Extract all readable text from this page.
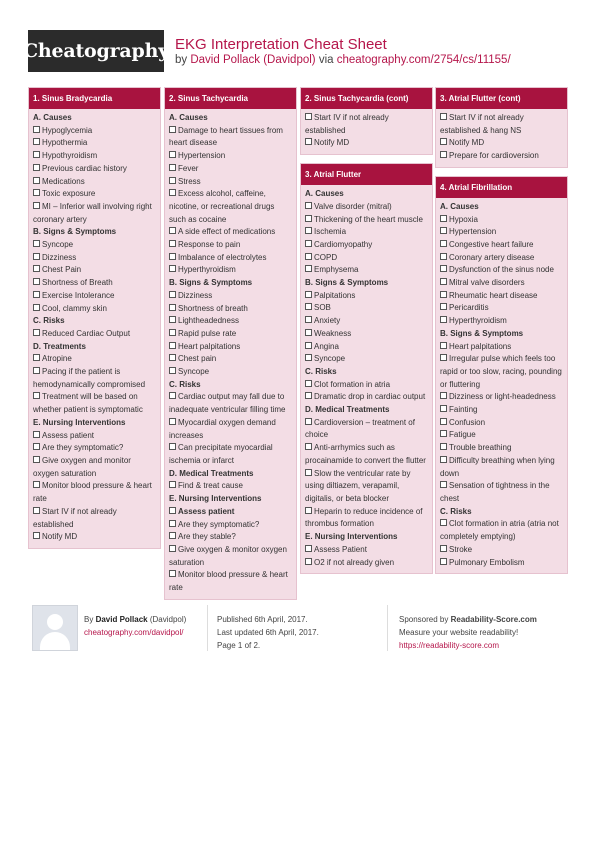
Cheatography EKG Interpretation Cheat Sheet
by David Pollack (Davidpol) via cheatography.com/2754/cs/11155/
1. Sinus Bradycardia
A. Causes
Hypoglycemia
Hypothermia
Hypothyroidism
Previous cardiac history
Medications
Toxic exposure
MI – Inferior wall involving right coronary artery
B. Signs & Symptoms
Syncope
Dizziness
Chest Pain
Shortness of Breath
Exercise Intolerance
Cool, clammy skin
C. Risks
Reduced Cardiac Output
D. Treatments
Atropine
Pacing if the patient is hemodynamically compromised
Treatment will be based on whether patient is symptomatic
E. Nursing Interventions
Assess patient
Are they symptomatic?
Give oxygen and monitor oxygen saturation
Monitor blood pressure & heart rate
Start IV if not already established
Notify MD
2. Sinus Tachycardia
A. Causes
Damage to heart tissues from heart disease
Hypertension
Fever
Stress
Excess alcohol, caffeine, nicotine, or recreational drugs such as cocaine
A side effect of medications
Response to pain
Imbalance of electrolytes
Hyperthyroidism
B. Signs & Symptoms
Dizziness
Shortness of breath
Lightheadedness
Rapid pulse rate
Heart palpitations
Chest pain
Syncope
C. Risks
Cardiac output may fall due to inadequate ventricular filling time
Myocardial oxygen demand increases
Can precipitate myocardial ischemia or infarct
D. Medical Treatments
Find & treat cause
E. Nursing Interventions
Assess patient
Are they symptomatic?
Are they stable?
Give oxygen & monitor oxygen saturation
Monitor blood pressure & heart rate
2. Sinus Tachycardia (cont)
Start IV if not already established
Notify MD
3. Atrial Flutter
A. Causes
Valve disorder (mitral)
Thickening of the heart muscle
Ischemia
Cardiomyopathy
COPD
Emphysema
B. Signs & Symptoms
Palpitations
SOB
Anxiety
Weakness
Angina
Syncope
C. Risks
Clot formation in atria
Dramatic drop in cardiac output
D. Medical Treatments
Cardioversion – treatment of choice
Anti-arrhymics such as procainamide to convert the flutter
Slow the ventricular rate by using diltiazem, verapamil, digitalis, or beta blocker
Heparin to reduce incidence of thrombus formation
E. Nursing Interventions
Assess Patient
O2 if not already given
3. Atrial Flutter (cont)
Start IV if not already established & hang NS
Notify MD
Prepare for cardioversion
4. Atrial Fibrillation
A. Causes
Hypoxia
Hypertension
Congestive heart failure
Coronary artery disease
Dysfunction of the sinus node
Mitral valve disorders
Rheumatic heart disease
Pericarditis
Hyperthyroidism
B. Signs & Symptoms
Heart palpitations
Irregular pulse which feels too rapid or too slow, racing, pounding or fluttering
Dizziness or light-headedness
Fainting
Confusion
Fatigue
Trouble breathing
Difficulty breathing when lying down
Sensation of tightness in the chest
C. Risks
Clot formation in atria (atria not completely emptying)
Stroke
Pulmonary Embolism
By David Pollack (Davidpol)
cheatography.com/davidpol/
Published 6th April, 2017.
Last updated 6th April, 2017.
Page 1 of 2.
Sponsored by Readability-Score.com
Measure your website readability!
https://readability-score.com
